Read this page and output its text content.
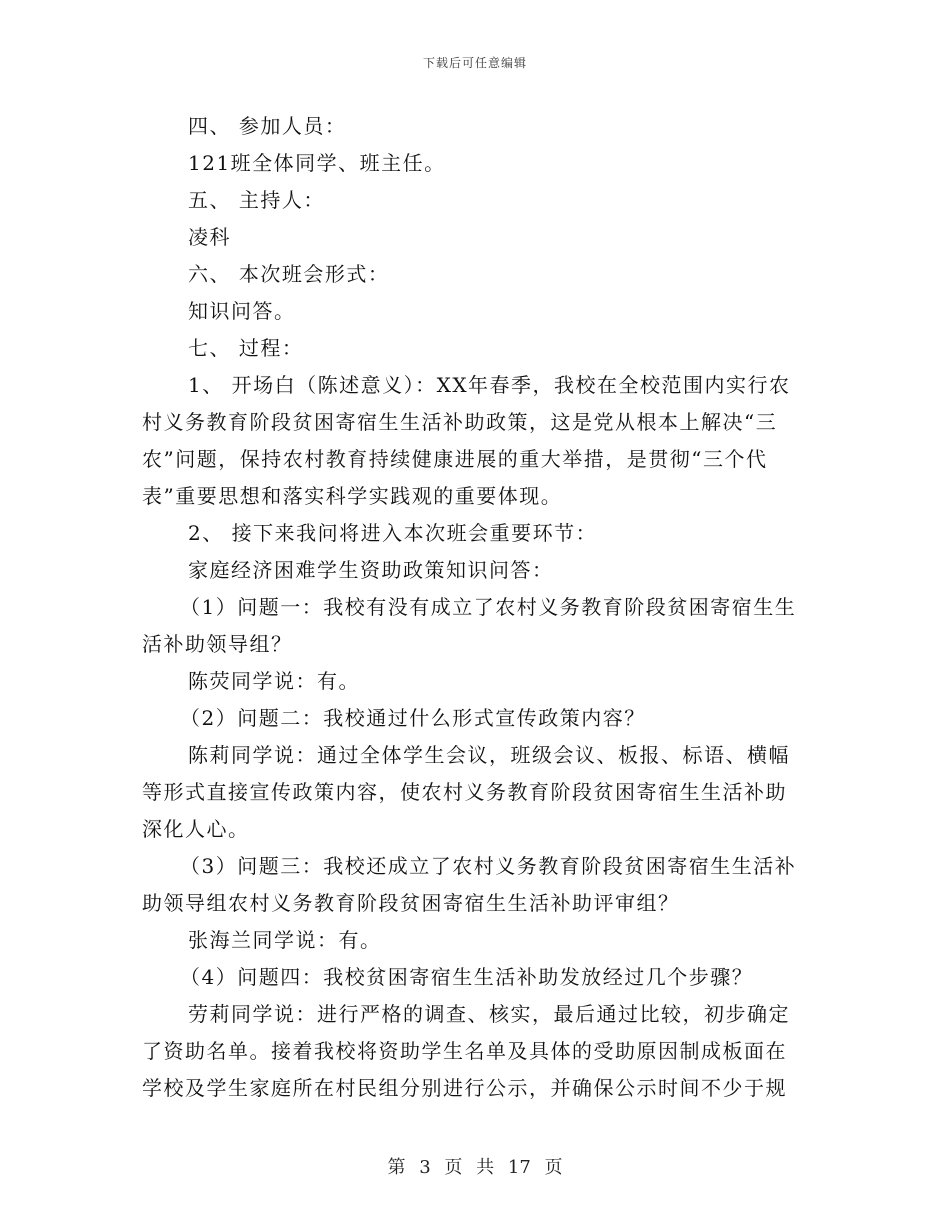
下载后可任意编辑
四、 参加人员：
121班全体同学、班主任。
五、 主持人：
凌科
六、 本次班会形式：
知识问答。
七、 过程：
1、 开场白（陈述意义）：XX年春季，我校在全校范围内实行农
村义务教育阶段贫困寄宿生生活补助政策，这是党从根本上解决“三
农”问题，保持农村教育持续健康进展的重大举措，是贯彻“三个代
表”重要思想和落实科学实践观的重要体现。
2、 接下来我问将进入本次班会重要环节：
家庭经济困难学生资助政策知识问答：
（1）问题一：我校有没有成立了农村义务教育阶段贫困寄宿生生
活补助领导组？
陈荧同学说：有。
（2）问题二：我校通过什么形式宣传政策内容？
陈莉同学说：通过全体学生会议，班级会议、板报、标语、横幅
等形式直接宣传政策内容，使农村义务教育阶段贫困寄宿生生活补助
深化人心。
（3）问题三：我校还成立了农村义务教育阶段贫困寄宿生生活补
助领导组农村义务教育阶段贫困寄宿生生活补助评审组？
张海兰同学说：有。
（4）问题四：我校贫困寄宿生生活补助发放经过几个步骤？
劳莉同学说：进行严格的调查、核实，最后通过比较，初步确定
了资助名单。接着我校将资助学生名单及具体的受助原因制成板面在
学校及学生家庭所在村民组分别进行公示，并确保公示时间不少于规
第 3 页 共 17 页
